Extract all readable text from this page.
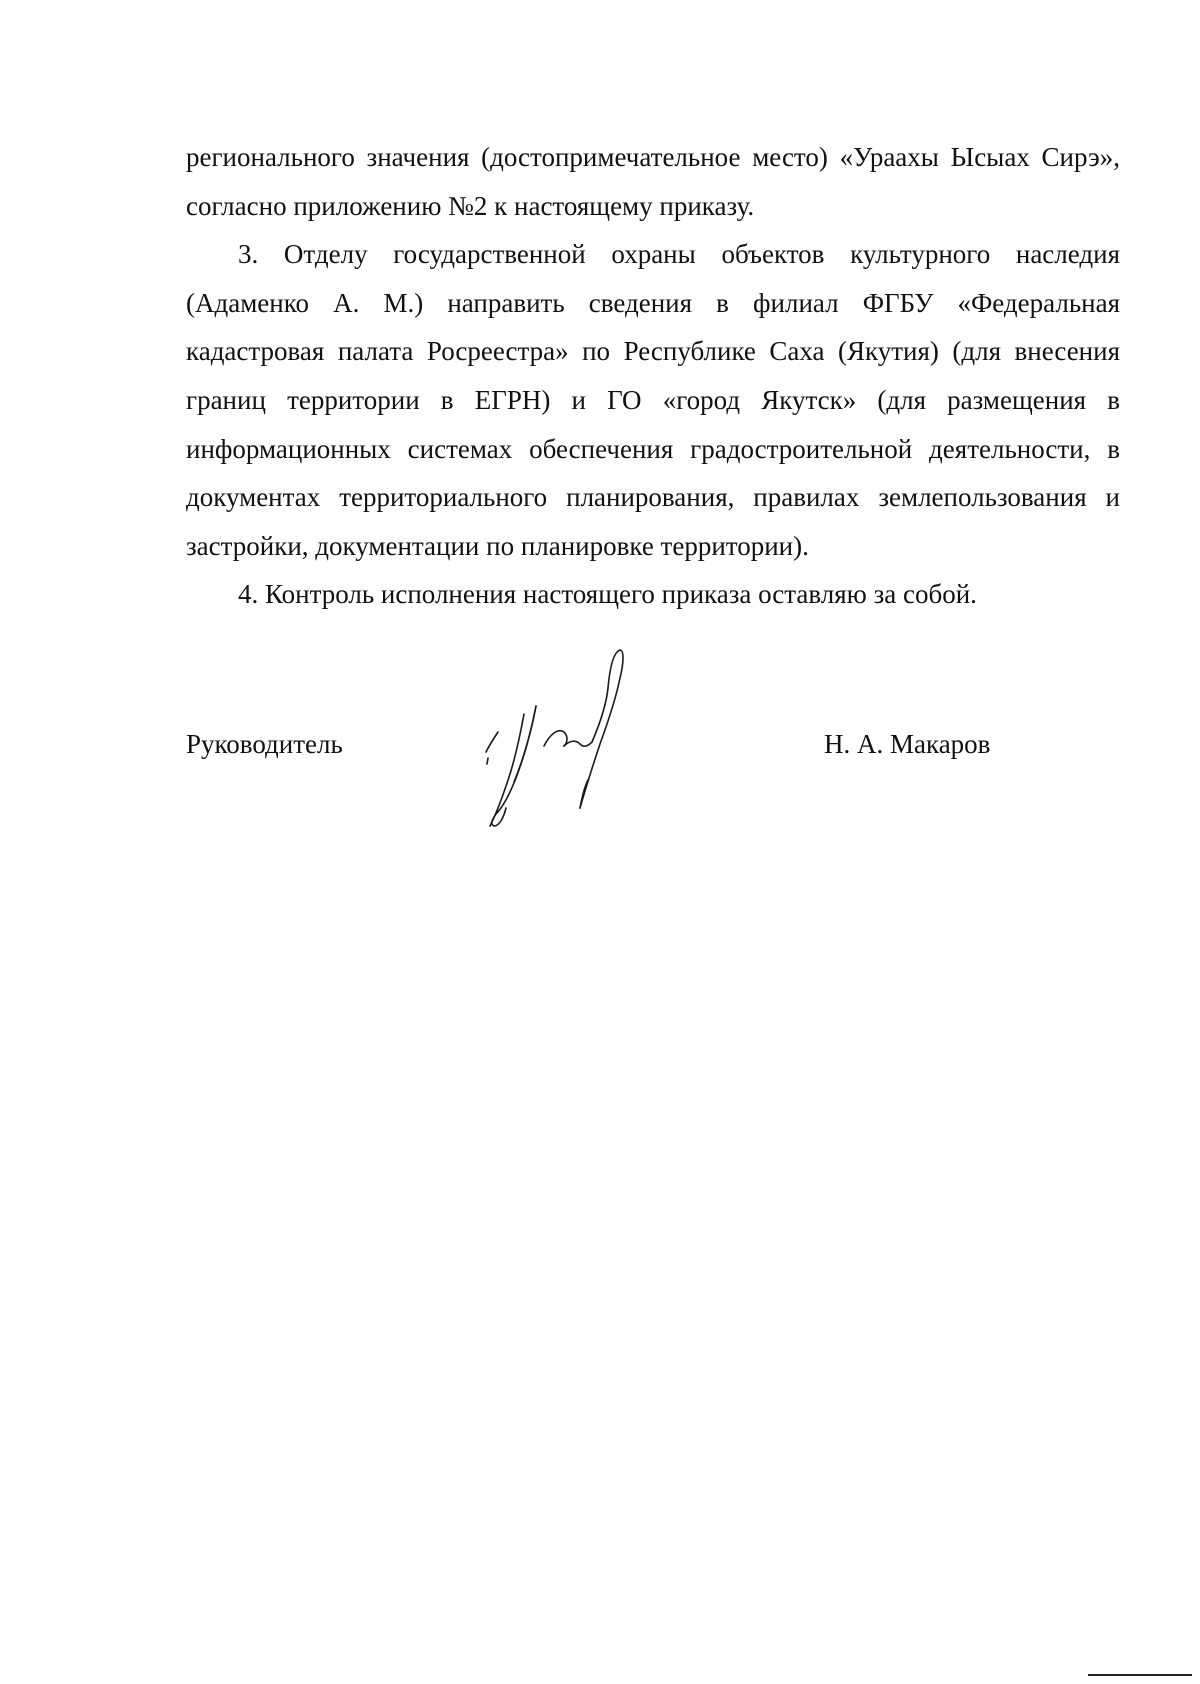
регионального значения (достопримечательное место) «Ураахы Ысыах Сирэ», согласно приложению №2 к настоящему приказу.

3. Отделу государственной охраны объектов культурного наследия (Адаменко А. М.) направить сведения в филиал ФГБУ «Федеральная кадастровая палата Росреестра» по Республике Саха (Якутия) (для внесения границ территории в ЕГРН) и ГО «город Якутск» (для размещения в информационных системах обеспечения градостроительной деятельности, в документах территориального планирования, правилах землепользования и застройки, документации по планировке территории).

4. Контроль исполнения настоящего приказа оставляю за собой.

Руководитель	Н. А. Макаров
